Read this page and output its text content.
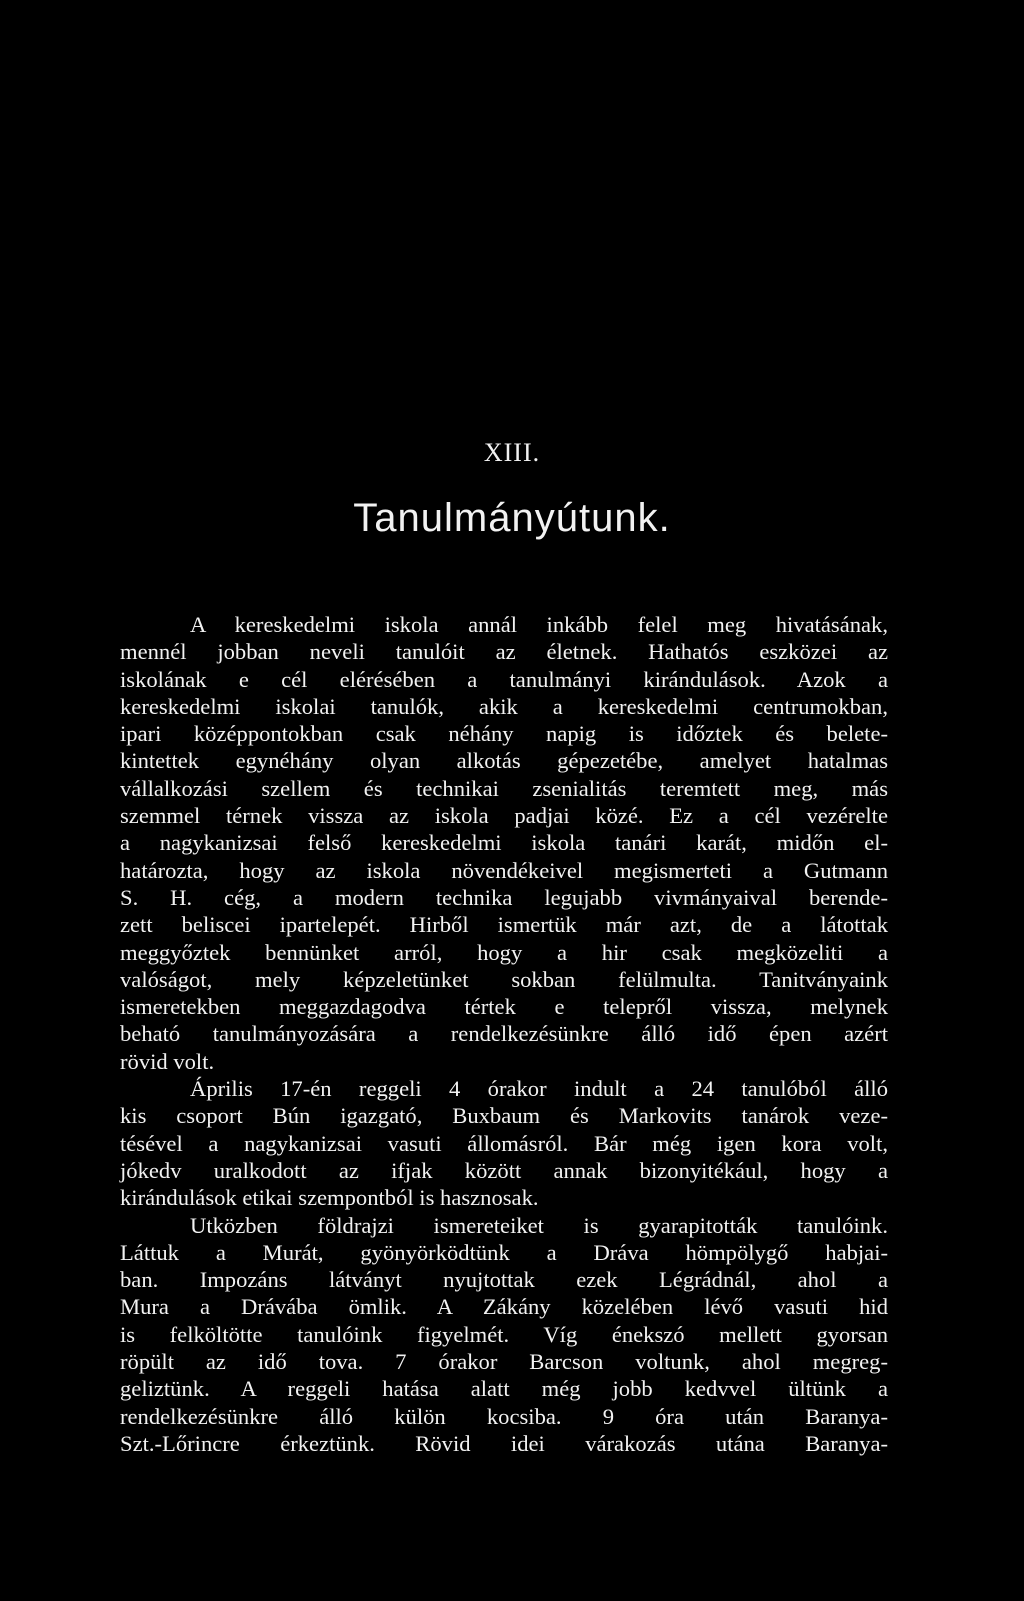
XIII.
Tanulmányútunk.
A kereskedelmi iskola annál inkább felel meg hivatásának,
mennél jobban neveli tanulóit az életnek. Hathatós eszközei az
iskolának e cél elérésében a tanulmányi kirándulások. Azok a
kereskedelmi iskolai tanulók, akik a kereskedelmi centrumokban,
ipari középpontokban csak néhány napig is időztek és belete-
kintettek egynéhány olyan alkotás gépezetébe, amelyet hatalmas
vállalkozási szellem és technikai zsenialitás teremtett meg, más
szemmel térnek vissza az iskola padjai közé. Ez a cél vezérelte
a nagykanizsai felső kereskedelmi iskola tanári karát, midőn el-
határozta, hogy az iskola növendékeivel megismerteti a Gutmann
S. H. cég, a modern technika legujabb vivmányaival berende-
zett beliscei ipartelepét. Hirből ismertük már azt, de a látottak
meggyőztek bennünket arról, hogy a hir csak megközeliti a
valóságot, mely képzeletünket sokban felülmulta. Tanitványaink
ismeretekben meggazdagodva tértek e telepről vissza, melynek
beható tanulmányozására a rendelkezésünkre álló idő épen azért
rövid volt.
Április 17-én reggeli 4 órakor indult a 24 tanulóból álló
kis csoport Bún igazgató, Buxbaum és Markovits tanárok veze-
tésével a nagykanizsai vasuti állomásról. Bár még igen kora volt,
jókedv uralkodott az ifjak között annak bizonyitékául, hogy a
kirándulások etikai szempontból is hasznosak.
Utközben földrajzi ismereteiket is gyarapitották tanulóink.
Láttuk a Murát, gyönyörködtünk a Dráva hömpölygő habjai-
ban. Impozáns látványt nyujtottak ezek Légrádnál, ahol a
Mura a Drávába ömlik. A Zákány közelében lévő vasuti hid
is felköltötte tanulóink figyelmét. Víg énekszó mellett gyorsan
röpült az idő tova. 7 órakor Barcson voltunk, ahol megreg-
geliztünk. A reggeli hatása alatt még jobb kedvvel ültünk a
rendelkezésünkre álló külön kocsiba. 9 óra után Baranya-
Szt.-Lőrincre érkeztünk. Rövid idei várakozás utána Baranya-
